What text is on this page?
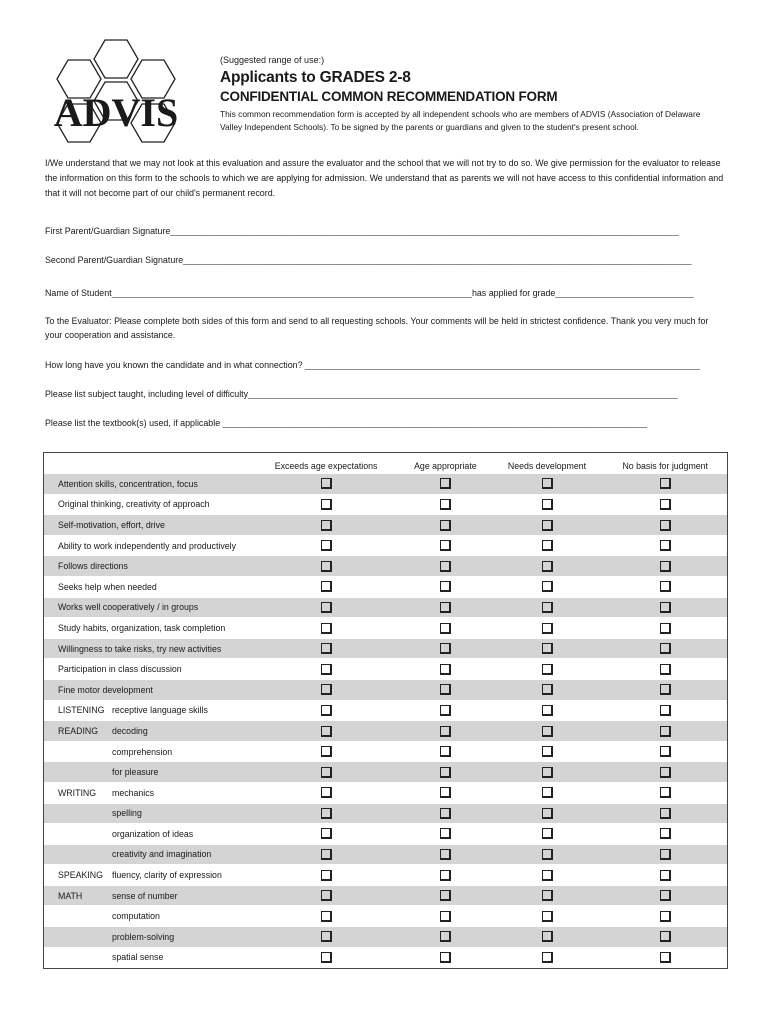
ADVIS
(Suggested range of use:)
Applicants to GRADES 2-8
CONFIDENTIAL COMMON RECOMMENDATION FORM
This common recommendation form is accepted by all independent schools who are members of ADVIS (Association of Delaware Valley Independent Schools). To be signed by the parents or guardians and given to the student's present school.
I/We understand that we may not look at this evaluation and assure the evaluator and the school that we will not try to do so. We give permission for the evaluator to release the information on this form to the schools to which we are applying for admission. We understand that as parents we will not have access to this confidential information and that it will not become part of our child's permanent record.
First Parent/Guardian Signature_______________________________________________________________________________________________________
Second Parent/Guardian Signature_______________________________________________________________________________________________________
Name of Student_________________________________________________________________________has applied for grade____________________________
To the Evaluator: Please complete both sides of this form and send to all requesting schools. Your comments will be held in strictest confidence. Thank you very much for your cooperation and assistance.
How long have you known the candidate and in what connection? ________________________________________________________________________________
Please list subject taught, including level of difficulty_______________________________________________________________________________________
Please list the textbook(s) used, if applicable ______________________________________________________________________________________
		Exceeds age expectations	Age appropriate	Needs development	No basis for judgment
Attention skills, concentration, focus					
Original thinking, creativity of approach					
Self-motivation, effort, drive					
Ability to work independently and productively					
Follows directions					
Seeks help when needed					
Works well cooperatively / in groups					
Study habits, organization, task completion					
Willingness to take risks, try new activities					
Participation in class discussion					
Fine motor development					
LISTENING	receptive language skills				
READING	decoding				
	comprehension				
	for pleasure				
WRITING	mechanics				
	spelling				
	organization of ideas				
	creativity and imagination				
SPEAKING	fluency, clarity of expression				
MATH	sense of number				
	computation				
	problem-solving				
	spatial sense				
